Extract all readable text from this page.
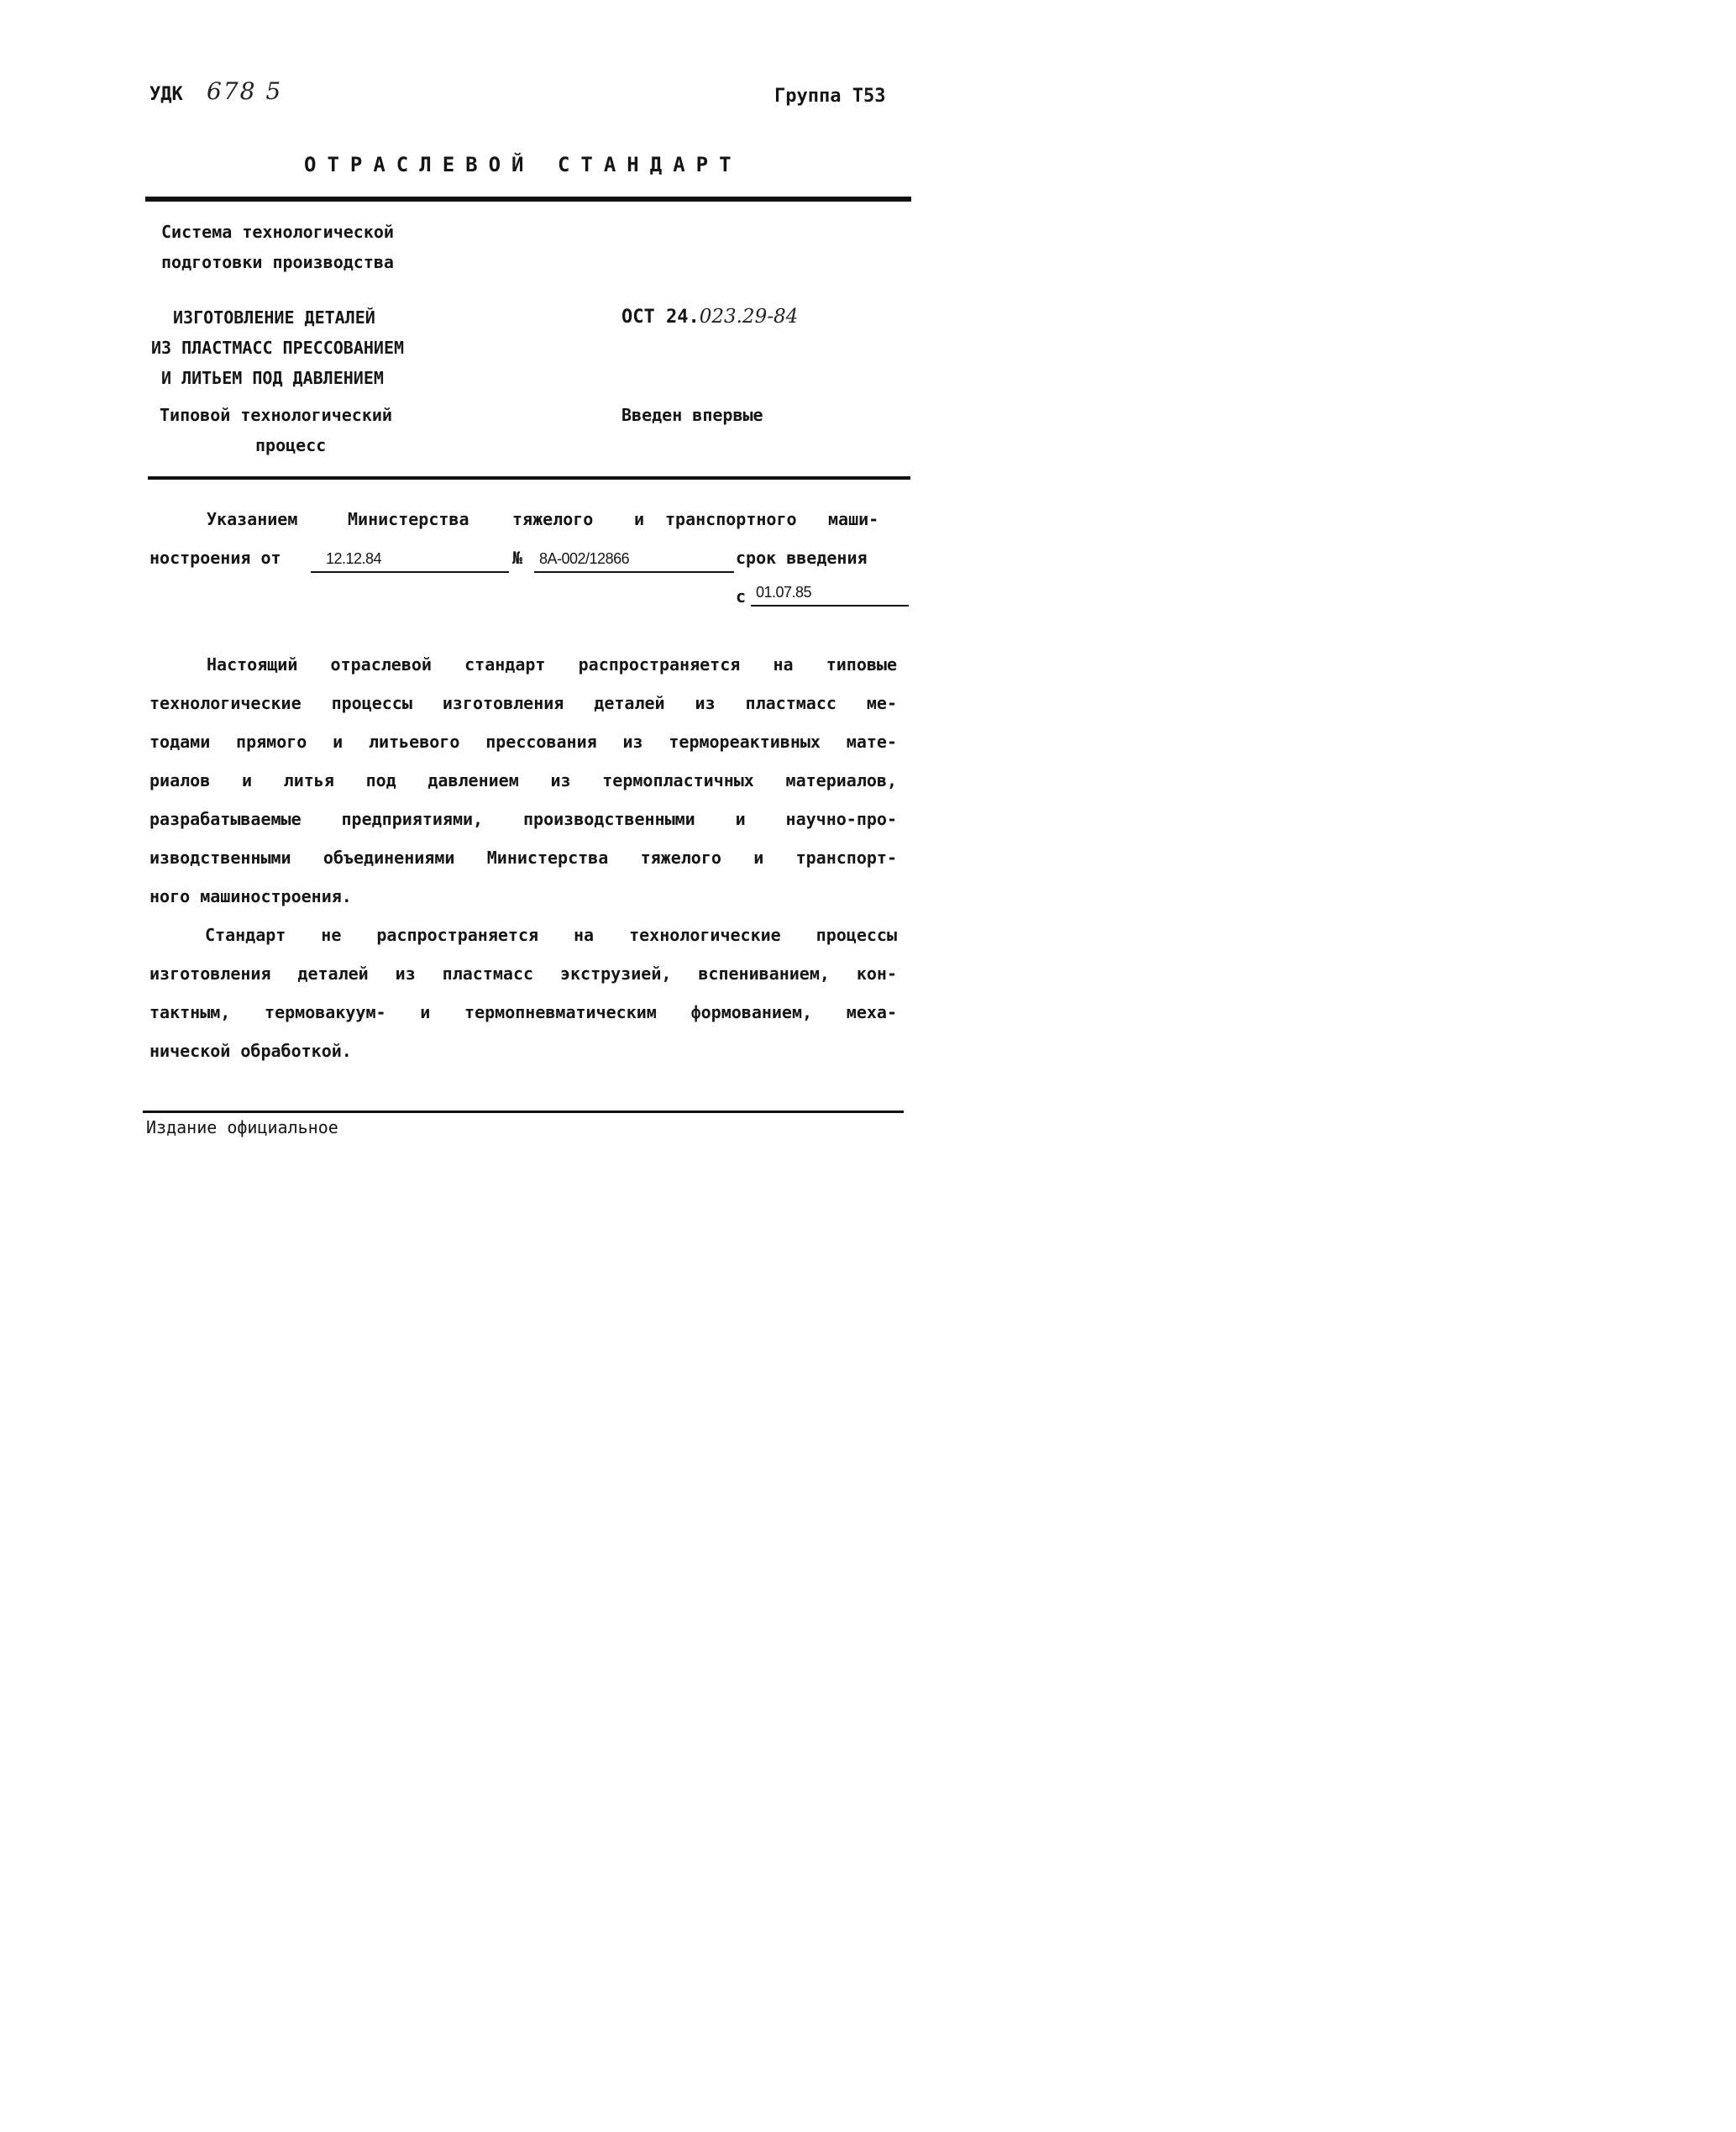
УДК 678 5	Группа Т53
ОТРАСЛЕВОЙ СТАНДАРТ
Система технологической
подготовки производства
ИЗГОТОВЛЕНИЕ ДЕТАЛЕЙ
ИЗ ПЛАСТМАСС ПРЕССОВАНИЕМ
И ЛИТЬЕМ ПОД ДАВЛЕНИЕМ
ОСТ 24.023.29-84
Типовой технологический
процесс
Введен впервые
Указанием	Министерства	тяжелого и транспортного маши-
ностроения от	12.12.84	№ 8А-002/12866	срок введения
с 01.07.85
Настоящий отраслевой стандарт распространяется на типовые
технологические процессы изготовления деталей из пластмасс ме-
тодами прямого и литьевого прессования из термореактивных мате-
риалов и литья под давлением из термопластичных материалов,
разрабатываемые предприятиями, производственными и научно-про-
изводственными объединениями Министерства тяжелого и транспорт-
ного машиностроения.
Стандарт не распространяется на технологические процессы
изготовления деталей из пластмасс экструзией, вспениванием, кон-
тактным, термовакуум- и термопневматическим формованием, меха-
нической обработкой.
Издание официальное
